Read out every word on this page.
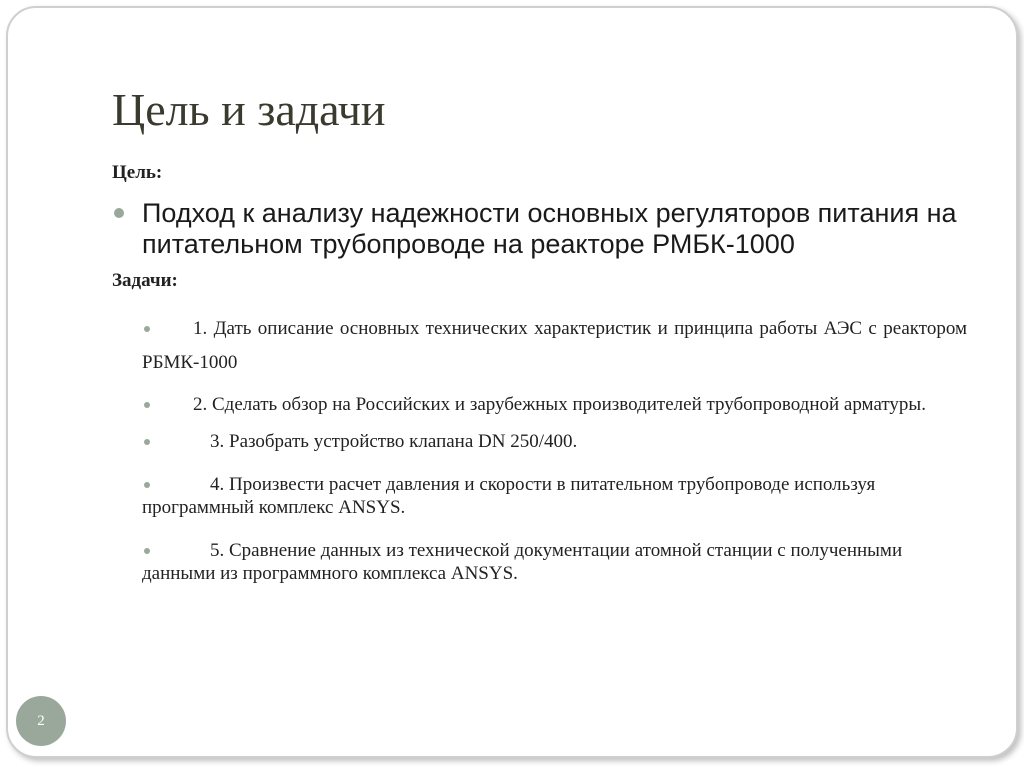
Цель и задачи

Цель:

Подход к анализу надежности основных регуляторов питания на питательном трубопроводе на реакторе РМБК-1000

Задачи:

1. Дать описание основных технических характеристик и принципа работы АЭС с реактором РБМК-1000
2. Сделать обзор на Российских и зарубежных производителей трубопроводной арматуры.
3. Разобрать устройство клапана DN 250/400.
4. Произвести расчет давления и скорости в питательном трубопроводе используя программный комплекс ANSYS.
5. Сравнение данных из технической документации атомной станции с полученными данными из программного комплекса ANSYS.
2
